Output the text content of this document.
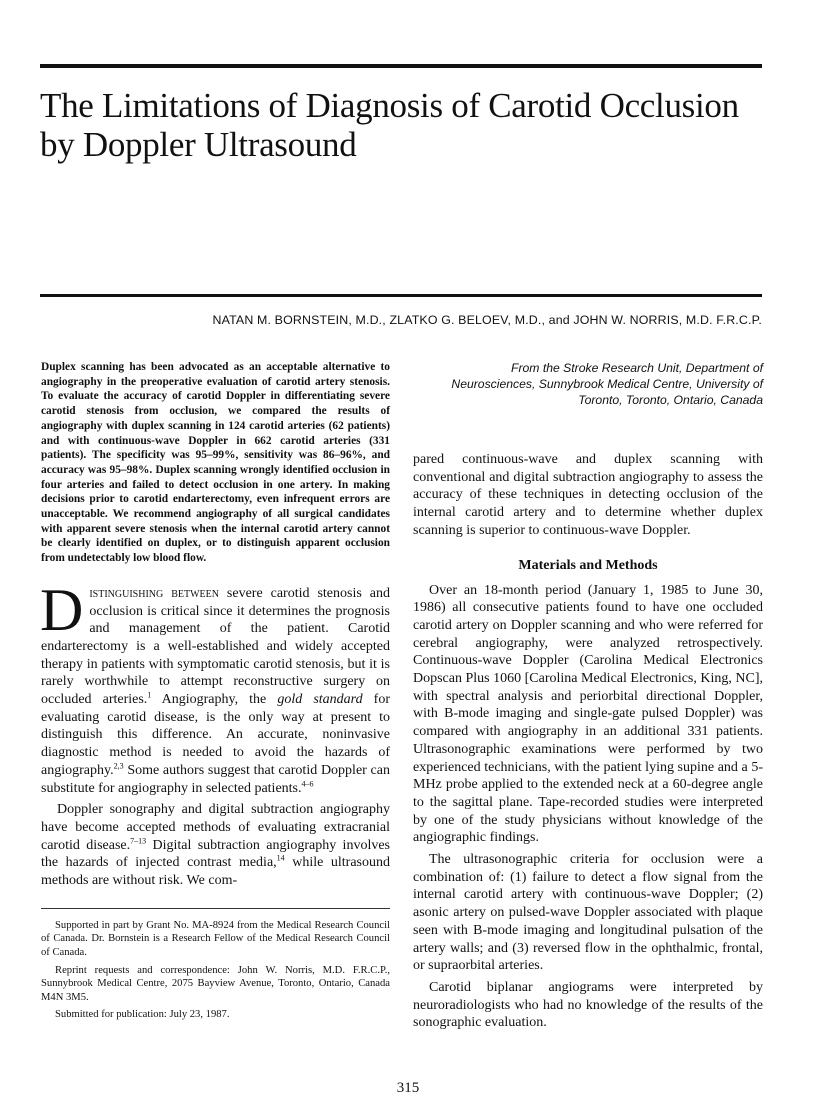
The Limitations of Diagnosis of Carotid Occlusion by Doppler Ultrasound
NATAN M. BORNSTEIN, M.D., ZLATKO G. BELOEV, M.D., and JOHN W. NORRIS, M.D. F.R.C.P.

Duplex scanning has been advocated as an acceptable alternative to angiography in the preoperative evaluation of carotid artery stenosis. To evaluate the accuracy of carotid Doppler in differentiating severe carotid stenosis from occlusion, we compared the results of angiography with duplex scanning in 124 carotid arteries (62 patients) and with continuous-wave Doppler in 662 carotid arteries (331 patients). The specificity was 95–99%, sensitivity was 86–96%, and accuracy was 95–98%. Duplex scanning wrongly identified occlusion in four arteries and failed to detect occlusion in one artery. In making decisions prior to carotid endarterectomy, even infrequent errors are unacceptable. We recommend angiography of all surgical candidates with apparent severe stenosis when the internal carotid artery cannot be clearly identified on duplex, or to distinguish apparent occlusion from undetectably low blood flow.

Distinguishing between severe carotid stenosis and occlusion is critical since it determines the prognosis and management of the patient. Carotid endarterectomy is a well-established and widely accepted therapy in patients with symptomatic carotid stenosis, but it is rarely worthwhile to attempt reconstructive surgery on occluded arteries.$^1$ Angiography, the gold standard for evaluating carotid disease, is the only way at present to distinguish this difference. An accurate, noninvasive diagnostic method is needed to avoid the hazards of angiography.$^{2,3}$ Some authors suggest that carotid Doppler can substitute for angiography in selected patients.$^{4-6}$

Doppler sonography and digital subtraction angiography have become accepted methods of evaluating extracranial carotid disease.$^{7-13}$ Digital subtraction angiography involves the hazards of injected contrast media,$^{14}$ while ultrasound methods are without risk. We com-

Supported in part by Grant No. MA-8924 from the Medical Research Council of Canada. Dr. Bornstein is a Research Fellow of the Medical Research Council of Canada.

Reprint requests and correspondence: John W. Norris, M.D. F.R.C.P., Sunnybrook Medical Centre, 2075 Bayview Avenue, Toronto, Ontario, Canada M4N 3M5.

Submitted for publication: July 23, 1987.

From the Stroke Research Unit, Department of
Neurosciences, Sunnybrook Medical Centre, University of
Toronto, Toronto, Ontario, Canada

pared continuous-wave and duplex scanning with conventional and digital subtraction angiography to assess the accuracy of these techniques in detecting occlusion of the internal carotid artery and to determine whether duplex scanning is superior to continuous-wave Doppler.

Materials and Methods

Over an 18-month period (January 1, 1985 to June 30, 1986) all consecutive patients found to have one occluded carotid artery on Doppler scanning and who were referred for cerebral angiography, were analyzed retrospectively. Continuous-wave Doppler (Carolina Medical Electronics Dopscan Plus 1060 [Carolina Medical Electronics, King, NC], with spectral analysis and periorbital directional Doppler, with B-mode imaging and single-gate pulsed Doppler) was compared with angiography in an additional 331 patients. Ultrasonographic examinations were performed by two experienced technicians, with the patient lying supine and a 5-MHz probe applied to the extended neck at a 60-degree angle to the sagittal plane. Tape-recorded studies were interpreted by one of the study physicians without knowledge of the angiographic findings.

The ultrasonographic criteria for occlusion were a combination of: (1) failure to detect a flow signal from the internal carotid artery with continuous-wave Doppler; (2) asonic artery on pulsed-wave Doppler associated with plaque seen with B-mode imaging and longitudinal pulsation of the artery walls; and (3) reversed flow in the ophthalmic, frontal, or supraorbital arteries.

Carotid biplanar angiograms were interpreted by neuroradiologists who had no knowledge of the results of the sonographic evaluation.

315
